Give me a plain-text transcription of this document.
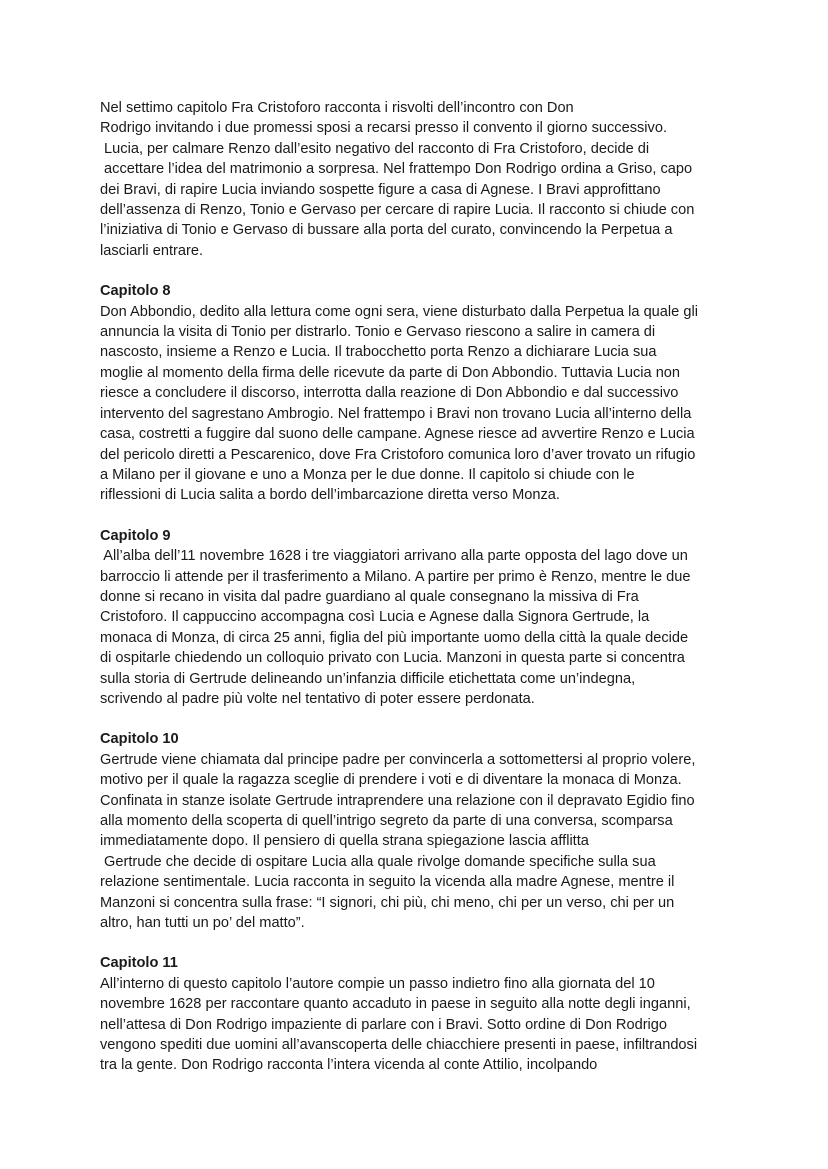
Nel settimo capitolo Fra Cristoforo racconta i risvolti dell’incontro con Don

Rodrigo invitando i due promessi sposi a recarsi presso il convento il giorno successivo.

Lucia, per calmare Renzo dall’esito negativo del racconto di Fra Cristoforo, decide di

accettare l’idea del matrimonio a sorpresa. Nel frattempo Don Rodrigo ordina a Griso, capo

dei Bravi, di rapire Lucia inviando sospette figure a casa di Agnese. I Bravi approfittano

dell’assenza di Renzo, Tonio e Gervaso per cercare di rapire Lucia. Il racconto si chiude con

l’iniziativa di Tonio e Gervaso di bussare alla porta del curato, convincendo la Perpetua a

lasciarli entrare.

Capitolo 8

Don Abbondio, dedito alla lettura come ogni sera, viene disturbato dalla Perpetua la quale gli

annuncia la visita di Tonio per distrarlo. Tonio e Gervaso riescono a salire in camera di

nascosto, insieme a Renzo e Lucia. Il trabocchetto porta Renzo a dichiarare Lucia sua

moglie al momento della firma delle ricevute da parte di Don Abbondio. Tuttavia Lucia non

riesce a concludere il discorso, interrotta dalla reazione di Don Abbondio e dal successivo

intervento del sagrestano Ambrogio. Nel frattempo i Bravi non trovano Lucia all’interno della

casa, costretti a fuggire dal suono delle campane. Agnese riesce ad avvertire Renzo e Lucia

del pericolo diretti a Pescarenico, dove Fra Cristoforo comunica loro d’aver trovato un rifugio

a Milano per il giovane e uno a Monza per le due donne. Il capitolo si chiude con le

riflessioni di Lucia salita a bordo dell’imbarcazione diretta verso Monza.

Capitolo 9

All’alba dell’11 novembre 1628 i tre viaggiatori arrivano alla parte opposta del lago dove un

barroccio li attende per il trasferimento a Milano. A partire per primo è Renzo, mentre le due

donne si recano in visita dal padre guardiano al quale consegnano la missiva di Fra

Cristoforo. Il cappuccino accompagna così Lucia e Agnese dalla Signora Gertrude, la

monaca di Monza, di circa 25 anni, figlia del più importante uomo della città la quale decide

di ospitarle chiedendo un colloquio privato con Lucia. Manzoni in questa parte si concentra

sulla storia di Gertrude delineando un’infanzia difficile etichettata come un’indegna,

scrivendo al padre più volte nel tentativo di poter essere perdonata.

Capitolo 10

Gertrude viene chiamata dal principe padre per convincerla a sottomettersi al proprio volere,

motivo per il quale la ragazza sceglie di prendere i voti e di diventare la monaca di Monza.

Confinata in stanze isolate Gertrude intraprendere una relazione con il depravato Egidio fino

alla momento della scoperta di quell’intrigo segreto da parte di una conversa, scomparsa

immediatamente dopo. Il pensiero di quella strana spiegazione lascia afflitta

Gertrude che decide di ospitare Lucia alla quale rivolge domande specifiche sulla sua

relazione sentimentale. Lucia racconta in seguito la vicenda alla madre Agnese, mentre il

Manzoni si concentra sulla frase: “I signori, chi più, chi meno, chi per un verso, chi per un

altro, han tutti un po’ del matto”.

Capitolo 11

All’interno di questo capitolo l’autore compie un passo indietro fino alla giornata del 10

novembre 1628 per raccontare quanto accaduto in paese in seguito alla notte degli inganni,

nell’attesa di Don Rodrigo impaziente di parlare con i Bravi. Sotto ordine di Don Rodrigo

vengono spediti due uomini all’avanscoperta delle chiacchiere presenti in paese, infiltrandosi

tra la gente. Don Rodrigo racconta l’intera vicenda al conte Attilio, incolpando
